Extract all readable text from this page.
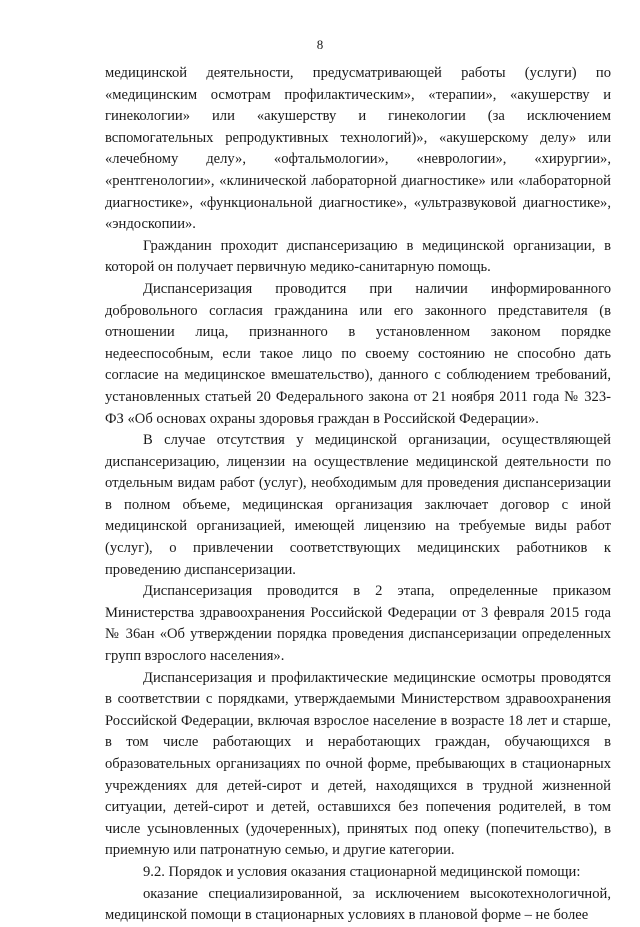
8

медицинской деятельности, предусматривающей работы (услуги) по «медицинским осмотрам профилактическим», «терапии», «акушерству и гинекологии» или «акушерству и гинекологии (за исключением вспомогательных репродуктивных технологий)», «акушерскому делу» или «лечебному делу», «офтальмологии», «неврологии», «хирургии», «рентгенологии», «клинической лабораторной диагностике» или «лабораторной диагностике», «функциональной диагностике», «ультразвуковой диагностике», «эндоскопии».

Гражданин проходит диспансеризацию в медицинской организации, в которой он получает первичную медико-санитарную помощь.

Диспансеризация проводится при наличии информированного добровольного согласия гражданина или его законного представителя (в отношении лица, признанного в установленном законом порядке недееспособным, если такое лицо по своему состоянию не способно дать согласие на медицинское вмешательство), данного с соблюдением требований, установленных статьей 20 Федерального закона от 21 ноября 2011 года № 323-ФЗ «Об основах охраны здоровья граждан в Российской Федерации».

В случае отсутствия у медицинской организации, осуществляющей диспансеризацию, лицензии на осуществление медицинской деятельности по отдельным видам работ (услуг), необходимым для проведения диспансеризации в полном объеме, медицинская организация заключает договор с иной медицинской организацией, имеющей лицензию на требуемые виды работ (услуг), о привлечении соответствующих медицинских работников к проведению диспансеризации.

Диспансеризация проводится в 2 этапа, определенные приказом Министерства здравоохранения Российской Федерации от 3 февраля 2015 года № 36ан «Об утверждении порядка проведения диспансеризации определенных групп взрослого населения».

Диспансеризация и профилактические медицинские осмотры проводятся в соответствии с порядками, утверждаемыми Министерством здравоохранения Российской Федерации, включая взрослое население в возрасте 18 лет и старше, в том числе работающих и неработающих граждан, обучающихся в образовательных организациях по очной форме, пребывающих в стационарных учреждениях для детей-сирот и детей, находящихся в трудной жизненной ситуации, детей-сирот и детей, оставшихся без попечения родителей, в том числе усыновленных (удочеренных), принятых под опеку (попечительство), в приемную или патронатную семью, и другие категории.

9.2. Порядок и условия оказания стационарной медицинской помощи:

оказание специализированной, за исключением высокотехнологичной, медицинской помощи в стационарных условиях в плановой форме – не более
